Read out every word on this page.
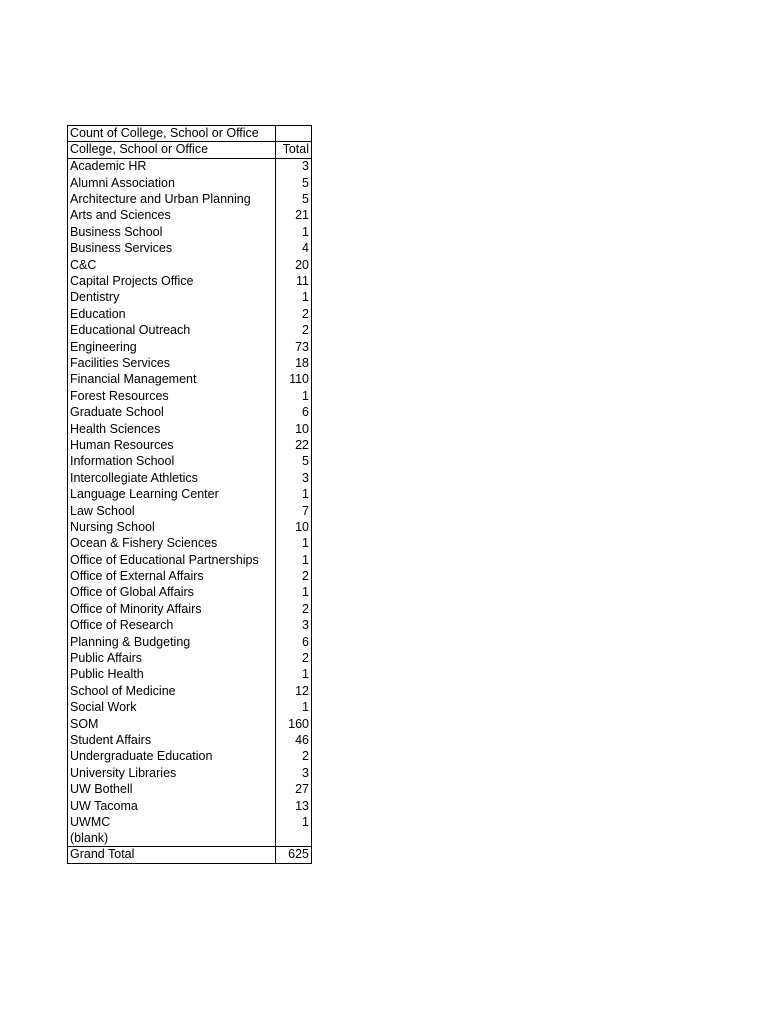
Count of College, School or Office	
College, School or Office	Total
Academic HR	3
Alumni Association	5
Architecture and Urban Planning	5
Arts and Sciences	21
Business School	1
Business Services	4
C&C	20
Capital Projects Office	11
Dentistry	1
Education	2
Educational Outreach	2
Engineering	73
Facilities Services	18
Financial Management	110
Forest Resources	1
Graduate School	6
Health Sciences	10
Human Resources	22
Information School	5
Intercollegiate Athletics	3
Language Learning Center	1
Law School	7
Nursing School	10
Ocean & Fishery Sciences	1
Office of Educational Partnerships	1
Office of External Affairs	2
Office of Global Affairs	1
Office of Minority Affairs	2
Office of Research	3
Planning & Budgeting	6
Public Affairs	2
Public Health	1
School of Medicine	12
Social Work	1
SOM	160
Student Affairs	46
Undergraduate Education	2
University Libraries	3
UW Bothell	27
UW Tacoma	13
UWMC	1
(blank)	
Grand Total	625
